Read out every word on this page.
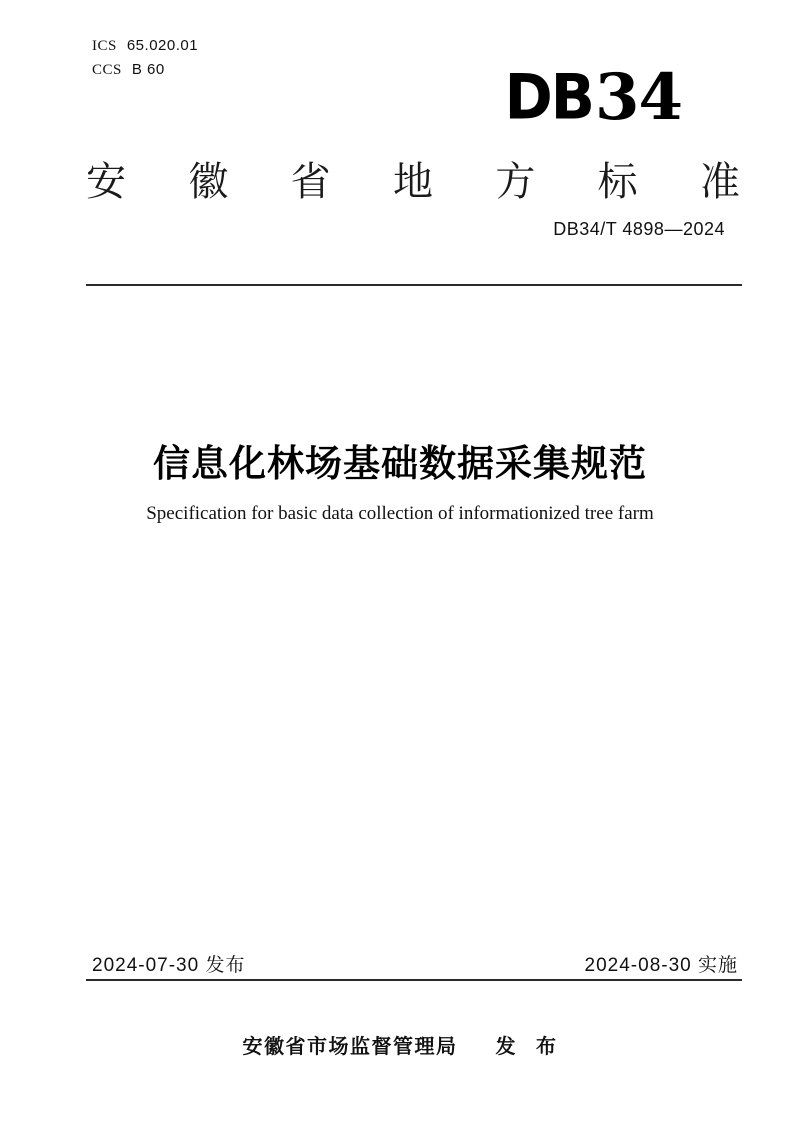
ICS 65.020.01
CCS B 60	DB34
安 徽 省 地 方 标 准
DB34/T 4898—2024
信息化林场基础数据采集规范
Specification for basic data collection of informationized tree farm
2024-07-30 发布	2024-08-30 实施
安徽省市场监督管理局 发 布
